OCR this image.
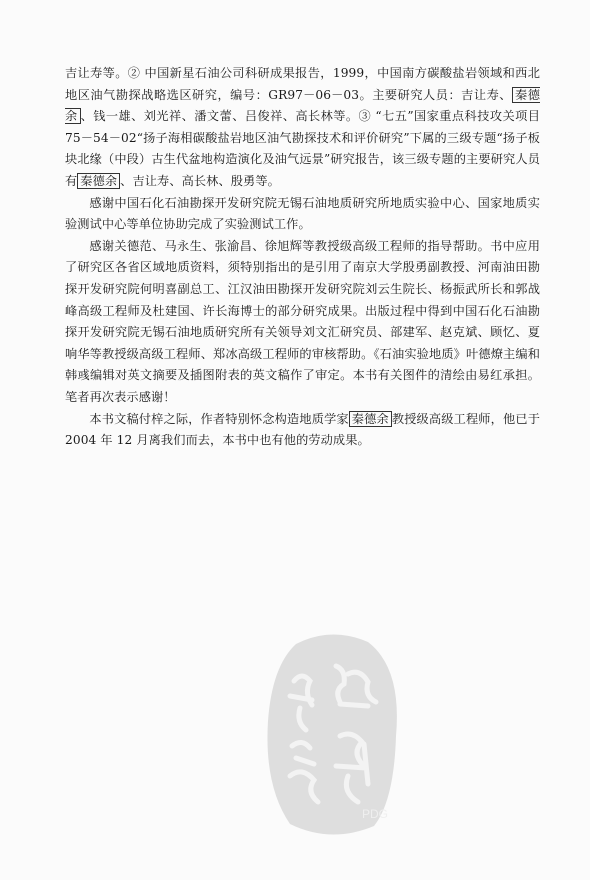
吉让寿等。② 中国新星石油公司科研成果报告，1999，中国南方碳酸盐岩领域和西北地区油气勘探战略选区研究，编号：GR97－06－03。主要研究人员：吉让寿、 秦德余 、钱一雄、刘光祥、潘文蕾、吕俊祥、高长林等。③ “七五”国家重点科技攻关项目 75－54－02“扬子海相碳酸盐岩地区油气勘探技术和评价研究”下属的三级专题“扬子板块北缘（中段）古生代盆地构造演化及油气远景”研究报告，该三级专题的主要研究人员有 秦德余 、吉让寿、高长林、殷勇等。

感谢中国石化石油勘探开发研究院无锡石油地质研究所地质实验中心、国家地质实验测试中心等单位协助完成了实验测试工作。

感谢关德范、马永生、张渝昌、徐旭辉等教授级高级工程师的指导帮助。书中应用了研究区各省区域地质资料，须特别指出的是引用了南京大学殷勇副教授、河南油田勘探开发研究院何明喜副总工、江汉油田勘探开发研究院刘云生院长、杨振武所长和郭战峰高级工程师及杜建国、许长海博士的部分研究成果。出版过程中得到中国石化石油勘探开发研究院无锡石油地质研究所有关领导刘文汇研究员、部建军、赵克斌、顾忆、夏响华等教授级高级工程师、郑冰高级工程师的审核帮助。《石油实验地质》叶德燎主编和韩彧编辑对英文摘要及插图附表的英文稿作了审定。本书有关图件的清绘由易红承担。笔者再次表示感谢！

本书文稿付梓之际，作者特别怀念构造地质学家 秦德余 教授级高级工程师，他已于 2004 年 12 月离我们而去，本书中也有他的劳动成果。

PDG
